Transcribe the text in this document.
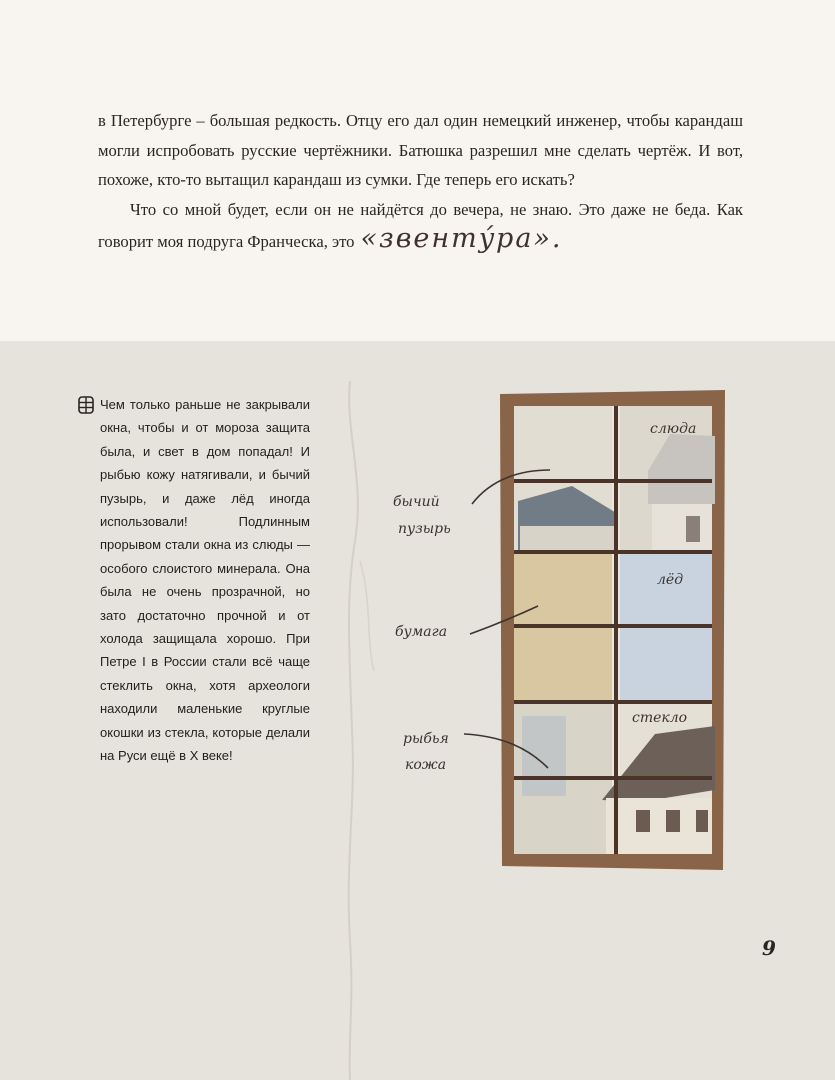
в Петербурге – большая редкость. Отцу его дал один немецкий инженер, чтобы карандаш могли испробовать русские чертёжники. Батюшка разрешил мне сделать чертёж. И вот, похоже, кто-то вытащил карандаш из сумки. Где теперь его искать?

Что со мной будет, если он не найдётся до вечера, не знаю. Это даже не беда. Как говорит моя подруга Франческа, это «звентýра».

Чем только раньше не закрывали окна, чтобы и от мороза защита была, и свет в дом попадал! И рыбью кожу натягивали, и бычий пузырь, и даже лёд иногда использовали! Подлинным прорывом стали окна из слюды — особого слоистого минерала. Она была не очень прозрачной, но зато достаточно прочной и от холода защищала хорошо. При Петре I в России стали всё чаще стеклить окна, хотя археологи находили маленькие круглые окошки из стекла, которые делали на Руси ещё в X веке!
слюда
бычий
пузырь
лёд
бумага
стекло
рыбья
кожа
9
